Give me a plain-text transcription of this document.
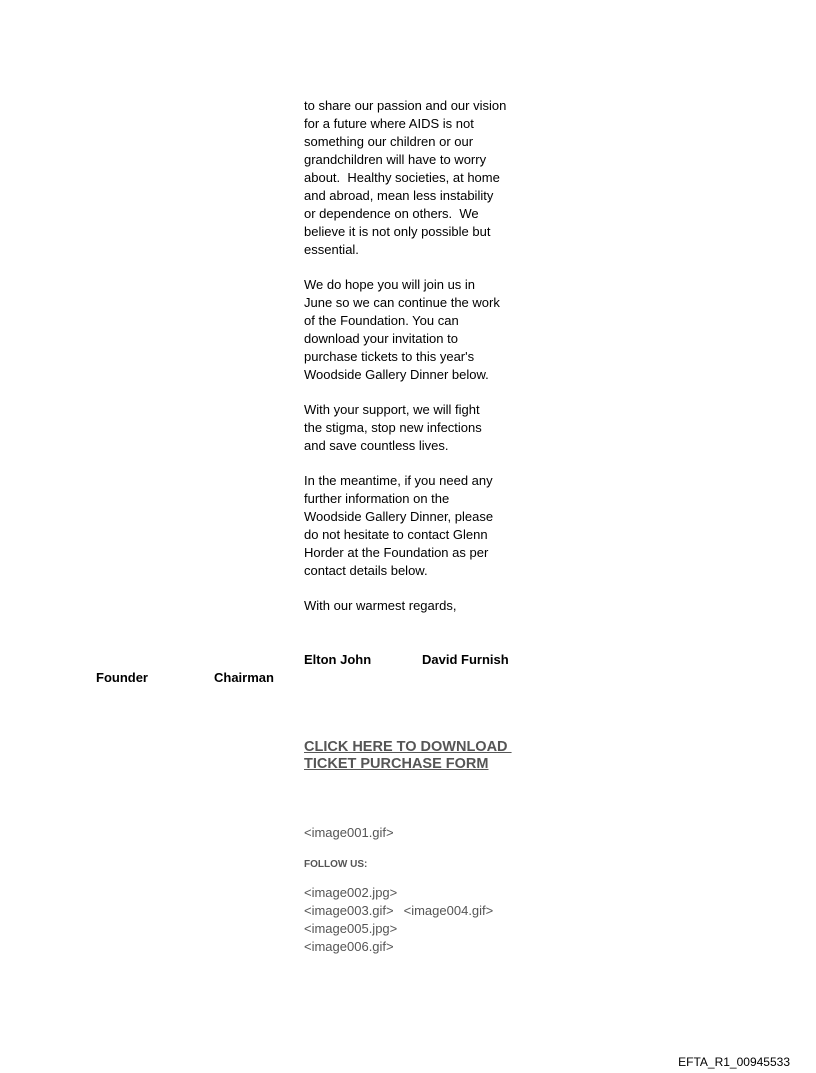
to share our passion and our vision
for a future where AIDS is not
something our children or our
grandchildren will have to worry
about.  Healthy societies, at home
and abroad, mean less instability
or dependence on others.  We
believe it is not only possible but
essential.

We do hope you will join us in
June so we can continue the work
of the Foundation. You can
download your invitation to
purchase tickets to this year's
Woodside Gallery Dinner below.

With your support, we will fight
the stigma, stop new infections
and save countless lives.

In the meantime, if you need any
further information on the
Woodside Gallery Dinner, please
do not hesitate to contact Glenn
Horder at the Foundation as per
contact details below.

With our warmest regards,

Elton John	David Furnish
Founder	Chairman
CLICK HERE TO DOWNLOAD
TICKET PURCHASE FORM
<image001.gif>
FOLLOW US:
<image002.jpg>
<image003.gif> <image004.gif>
<image005.jpg>
<image006.gif>
EFTA_R1_00945533
